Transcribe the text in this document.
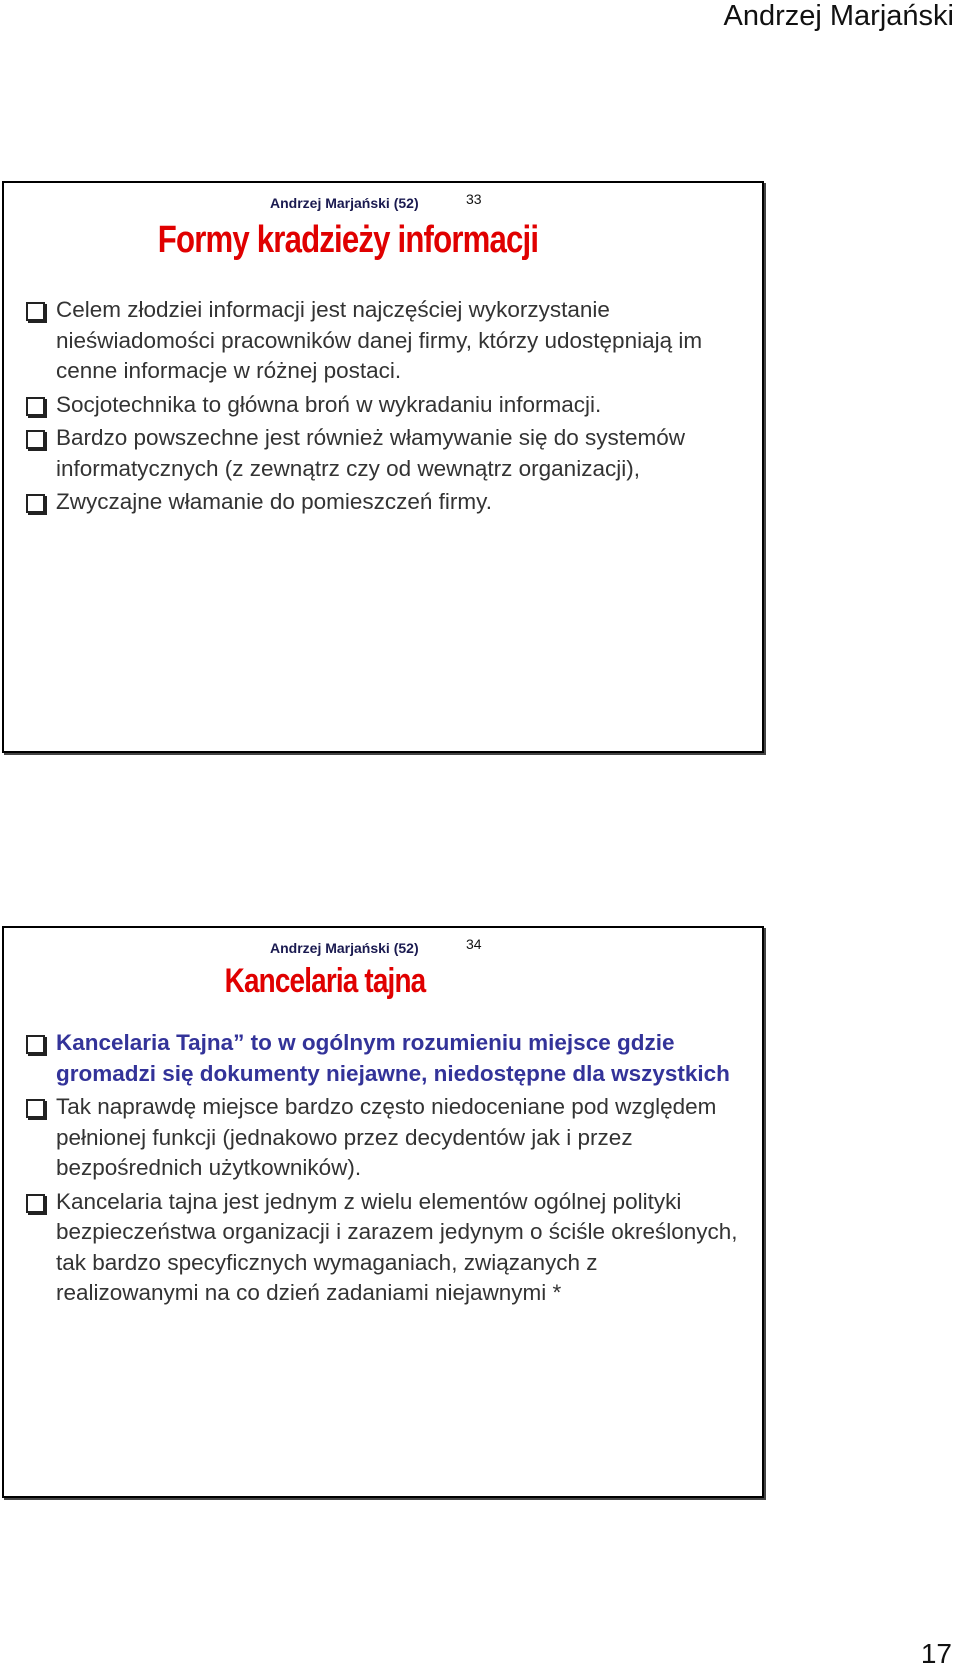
Andrzej Marjański
Andrzej Marjański (52)	33
Formy kradzieży informacji
Celem złodziei informacji jest najczęściej wykorzystanie nieświadomości pracowników danej firmy, którzy udostępniają im cenne informacje w różnej postaci.
Socjotechnika to główna broń w wykradaniu informacji.
Bardzo powszechne jest również włamywanie się do systemów informatycznych (z zewnątrz czy od wewnątrz organizacji),
Zwyczajne włamanie do pomieszczeń firmy.
Andrzej Marjański (52)	34
Kancelaria tajna
Kancelaria Tajna” to w ogólnym rozumieniu miejsce gdzie gromadzi się dokumenty niejawne, niedostępne dla wszystkich
Tak naprawdę miejsce bardzo często niedoceniane pod względem pełnionej funkcji (jednakowo przez decydentów jak i przez bezpośrednich użytkowników).
Kancelaria tajna jest jednym z wielu elementów ogólnej polityki bezpieczeństwa organizacji i zarazem jedynym o ściśle określonych, tak bardzo specyficznych wymaganiach, związanych z realizowanymi na co dzień zadaniami niejawnymi *
17
